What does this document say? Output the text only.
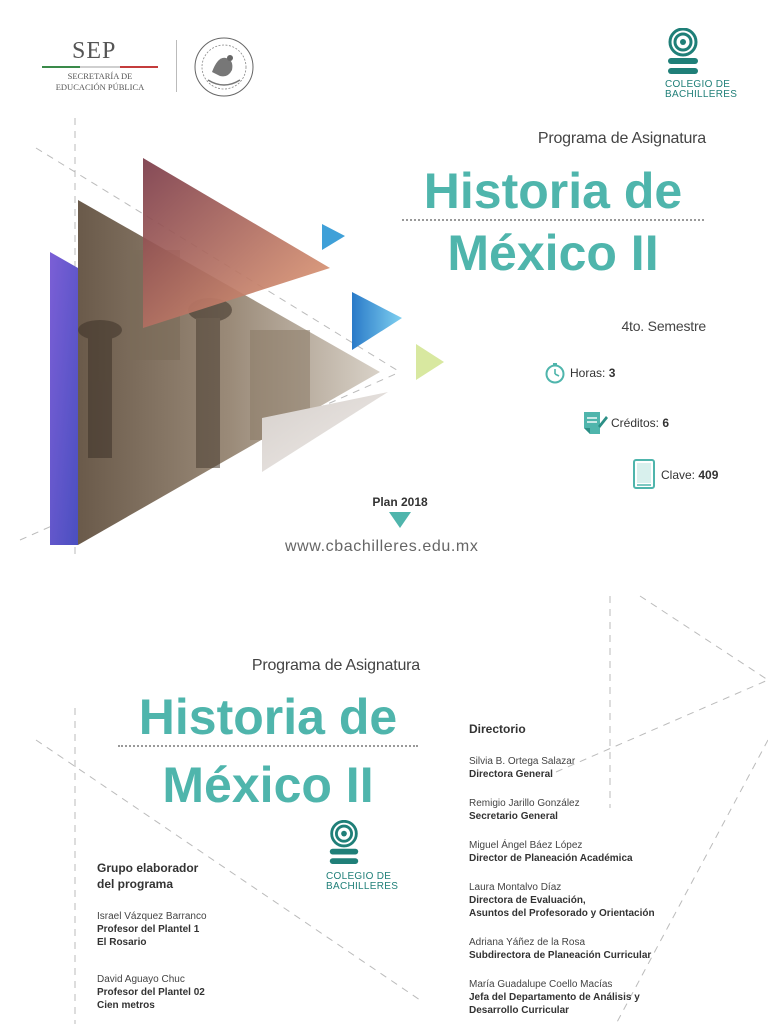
SEP
SECRETARÍA DE
EDUCACIÓN PÚBLICA	COLEGIO DE
BACHILLERES
Programa de Asignatura
Historia de
México II
4to. Semestre
Horas: 3
Créditos: 6
Clave: 409
Plan 2018
www.cbachilleres.edu.mx
Programa de Asignatura
Historia de
México II
COLEGIO DE
BACHILLERES
Directorio
Silvia B. Ortega Salazar
Directora General
Remigio Jarillo González
Secretario General
Miguel Ángel Báez López
Director de Planeación Académica
Laura Montalvo Díaz
Directora de Evaluación,
Asuntos del Profesorado y Orientación
Adriana Yáñez de la Rosa
Subdirectora de Planeación Curricular
María Guadalupe Coello Macías
Jefa del Departamento de Análisis y
Desarrollo Curricular
Grupo elaborador
del programa
Israel Vázquez Barranco
Profesor del Plantel 1
El Rosario
David Aguayo Chuc
Profesor del Plantel 02
Cien metros
